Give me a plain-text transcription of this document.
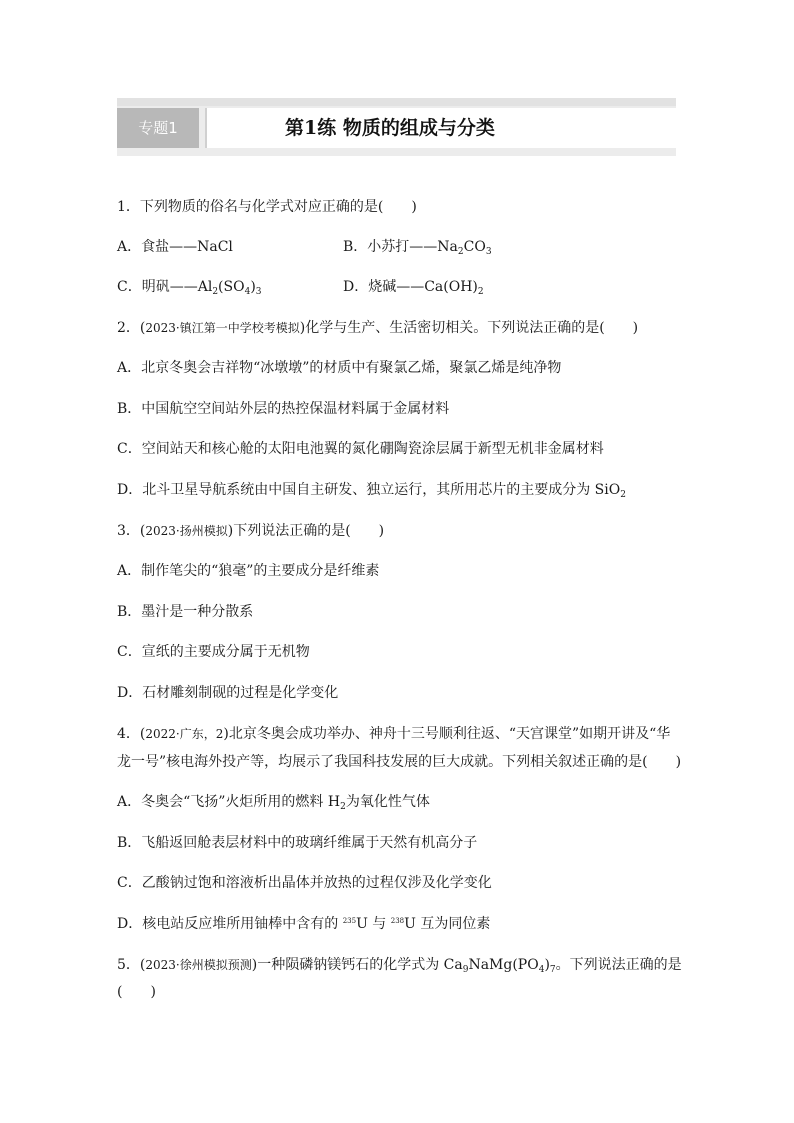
专题1	第1练 物质的组成与分类
1．下列物质的俗名与化学式对应正确的是(　　)
A．食盐——NaCl	B．小苏打$——Na_2CO_3$
C．明矾$——Al_2(SO_4)_3$	D．烧碱$——Ca(OH)_2$
2．(2023·镇江第一中学校考模拟)化学与生产、生活密切相关。下列说法正确的是(　　)
A．北京冬奥会吉祥物“冰墩墩”的材质中有聚氯乙烯，聚氯乙烯是纯净物
B．中国航空空间站外层的热控保温材料属于金属材料
C．空间站天和核心舱的太阳电池翼的氮化硼陶瓷涂层属于新型无机非金属材料
D．北斗卫星导航系统由中国自主研发、独立运行，其所用芯片的主要成分为 SiO$_2$
3．(2023·扬州模拟)下列说法正确的是(　　)
A．制作笔尖的“狼毫”的主要成分是纤维素
B．墨汁是一种分散系
C．宣纸的主要成分属于无机物
D．石材雕刻制砚的过程是化学变化
4．(2022·广东，2)北京冬奥会成功举办、神舟十三号顺利往返、“天宫课堂”如期开讲及“华
龙一号”核电海外投产等，均展示了我国科技发展的巨大成就。下列相关叙述正确的是(　　)
A．冬奥会“飞扬”火炬所用的燃料 $H_2$为氧化性气体
B．飞船返回舱表层材料中的玻璃纤维属于天然有机高分子
C．乙酸钠过饱和溶液析出晶体并放热的过程仅涉及化学变化
D．核电站反应堆所用铀棒中含有的 $^{235}$U 与 $^{238}$U 互为同位素
5．(2023·徐州模拟预测)一种陨磷钠镁钙石的化学式为 $Ca_9NaMg(PO_4)_7$。下列说法正确的是
(　　)
